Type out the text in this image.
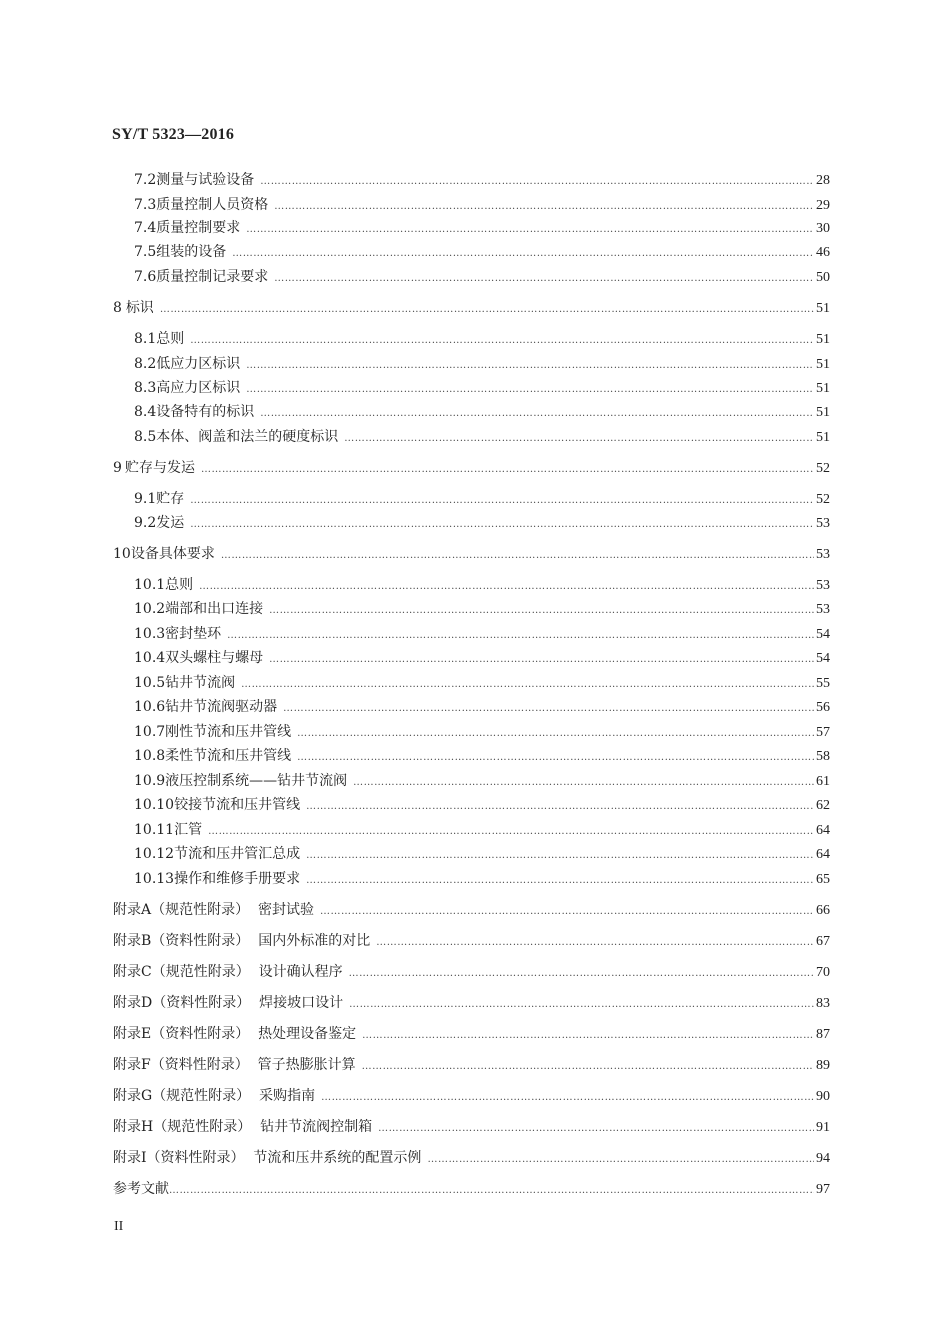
SY/T 5323—2016
7.2 测量与试验设备 ……………………………………………………………………………………………………………………………………………………………………………………………………………………………………………………………………………………………	28
7.3 质量控制人员资格 ……………………………………………………………………………………………………………………………………………………………………………………………………………………………………………………………………………………………	29
7.4 质量控制要求 ……………………………………………………………………………………………………………………………………………………………………………………………………………………………………………………………………………………………	30
7.5 组装的设备 ……………………………………………………………………………………………………………………………………………………………………………………………………………………………………………………………………………………………	46
7.6 质量控制记录要求 ……………………………………………………………………………………………………………………………………………………………………………………………………………………………………………………………………………………………	50
8 标识 ……………………………………………………………………………………………………………………………………………………………………………………………………………………………………………………………………………………………	51
8.1 总则 ……………………………………………………………………………………………………………………………………………………………………………………………………………………………………………………………………………………………	51
8.2 低应力区标识 ……………………………………………………………………………………………………………………………………………………………………………………………………………………………………………………………………………………………	51
8.3 高应力区标识 ……………………………………………………………………………………………………………………………………………………………………………………………………………………………………………………………………………………………	51
8.4 设备特有的标识 ……………………………………………………………………………………………………………………………………………………………………………………………………………………………………………………………………………………………	51
8.5 本体、阀盖和法兰的硬度标识 ……………………………………………………………………………………………………………………………………………………………………………………………………………………………………………………………………………………………	51
9 贮存与发运 ……………………………………………………………………………………………………………………………………………………………………………………………………………………………………………………………………………………………	52
9.1 贮存 ……………………………………………………………………………………………………………………………………………………………………………………………………………………………………………………………………………………………	52
9.2 发运 ……………………………………………………………………………………………………………………………………………………………………………………………………………………………………………………………………………………………	53
10 设备具体要求 ……………………………………………………………………………………………………………………………………………………………………………………………………………………………………………………………………………………………	53
10.1 总则 ……………………………………………………………………………………………………………………………………………………………………………………………………………………………………………………………………………………………	53
10.2 端部和出口连接 ……………………………………………………………………………………………………………………………………………………………………………………………………………………………………………………………………………………………	53
10.3 密封垫环 ……………………………………………………………………………………………………………………………………………………………………………………………………………………………………………………………………………………………	54
10.4 双头螺柱与螺母 ……………………………………………………………………………………………………………………………………………………………………………………………………………………………………………………………………………………………	54
10.5 钻井节流阀 ……………………………………………………………………………………………………………………………………………………………………………………………………………………………………………………………………………………………	55
10.6 钻井节流阀驱动器 ……………………………………………………………………………………………………………………………………………………………………………………………………………………………………………………………………………………………	56
10.7 刚性节流和压井管线 ……………………………………………………………………………………………………………………………………………………………………………………………………………………………………………………………………………………………	57
10.8 柔性节流和压井管线 ……………………………………………………………………………………………………………………………………………………………………………………………………………………………………………………………………………………………	58
10.9 液压控制系统——钻井节流阀 ……………………………………………………………………………………………………………………………………………………………………………………………………………………………………………………………………………………………	61
10.10 铰接节流和压井管线 ……………………………………………………………………………………………………………………………………………………………………………………………………………………………………………………………………………………………	62
10.11 汇管 ……………………………………………………………………………………………………………………………………………………………………………………………………………………………………………………………………………………………	64
10.12 节流和压井管汇总成 ……………………………………………………………………………………………………………………………………………………………………………………………………………………………………………………………………………………………	64
10.13 操作和维修手册要求 ……………………………………………………………………………………………………………………………………………………………………………………………………………………………………………………………………………………………	65
附录A（规范性附录）  密封试验 ……………………………………………………………………………………………………………………………………………………………………………………………………………………………………………………………………………………………	66
附录B（资料性附录）  国内外标准的对比 ……………………………………………………………………………………………………………………………………………………………………………………………………………………………………………………………………………………………	67
附录C（规范性附录）  设计确认程序 ……………………………………………………………………………………………………………………………………………………………………………………………………………………………………………………………………………………………	70
附录D（资料性附录）  焊接坡口设计 ……………………………………………………………………………………………………………………………………………………………………………………………………………………………………………………………………………………………	83
附录E（资料性附录）  热处理设备鉴定 ……………………………………………………………………………………………………………………………………………………………………………………………………………………………………………………………………………………………	87
附录F（资料性附录）  管子热膨胀计算 ……………………………………………………………………………………………………………………………………………………………………………………………………………………………………………………………………………………………	89
附录G（规范性附录）  采购指南 ……………………………………………………………………………………………………………………………………………………………………………………………………………………………………………………………………………………………	90
附录H（规范性附录）  钻井节流阀控制箱 ……………………………………………………………………………………………………………………………………………………………………………………………………………………………………………………………………………………………	91
附录I（资料性附录）  节流和压井系统的配置示例 ……………………………………………………………………………………………………………………………………………………………………………………………………………………………………………………………………………………………	94
参考文献 ……………………………………………………………………………………………………………………………………………………………………………………………………………………………………………………………………………………………	97
II
